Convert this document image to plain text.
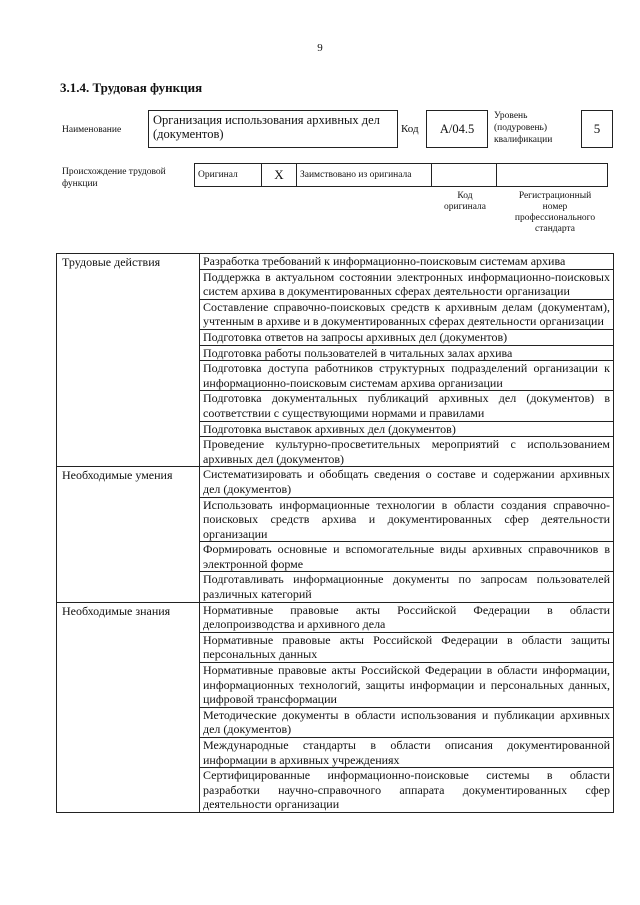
9
3.1.4. Трудовая функция
Наименование
Организация использования архивных дел (документов)	Код	А/04.5
Уровень (подуровень) квалификации
5
Происхождение трудовой функции
Оригинал	X	Заимствовано из оригинала		
Код оригинала
Регистрационный номер профессионального стандарта
Трудовые действия	Разработка требований к информационно-поисковым системам архива
	Поддержка в актуальном состоянии электронных информационно-поисковых систем архива в документированных сферах деятельности организации
	Составление справочно-поисковых средств к архивным делам (документам), учтенным в архиве и в документированных сферах деятельности организации
	Подготовка ответов на запросы архивных дел (документов)
	Подготовка работы пользователей в читальных залах архива
	Подготовка доступа работников структурных подразделений организации к информационно-поисковым системам архива организации
	Подготовка документальных публикаций архивных дел (документов) в соответствии с существующими нормами и правилами
	Подготовка выставок архивных дел (документов)
	Проведение культурно-просветительных мероприятий с использованием архивных дел (документов)
Необходимые умения	Систематизировать и обобщать сведения о составе и содержании архивных дел (документов)
	Использовать информационные технологии в области создания справочно-поисковых средств архива и документированных сфер деятельности организации
	Формировать основные и вспомогательные виды архивных справочников в электронной форме
	Подготавливать информационные документы по запросам пользователей различных категорий
Необходимые знания	Нормативные правовые акты Российской Федерации в области делопроизводства и архивного дела
	Нормативные правовые акты Российской Федерации в области защиты персональных данных
	Нормативные правовые акты Российской Федерации в области информации, информационных технологий, защиты информации и персональных данных, цифровой трансформации
	Методические документы в области использования и публикации архивных дел (документов)
	Международные стандарты в области описания документированной информации в архивных учреждениях
	Сертифицированные информационно-поисковые системы в области разработки научно-справочного аппарата документированных сфер деятельности организации
